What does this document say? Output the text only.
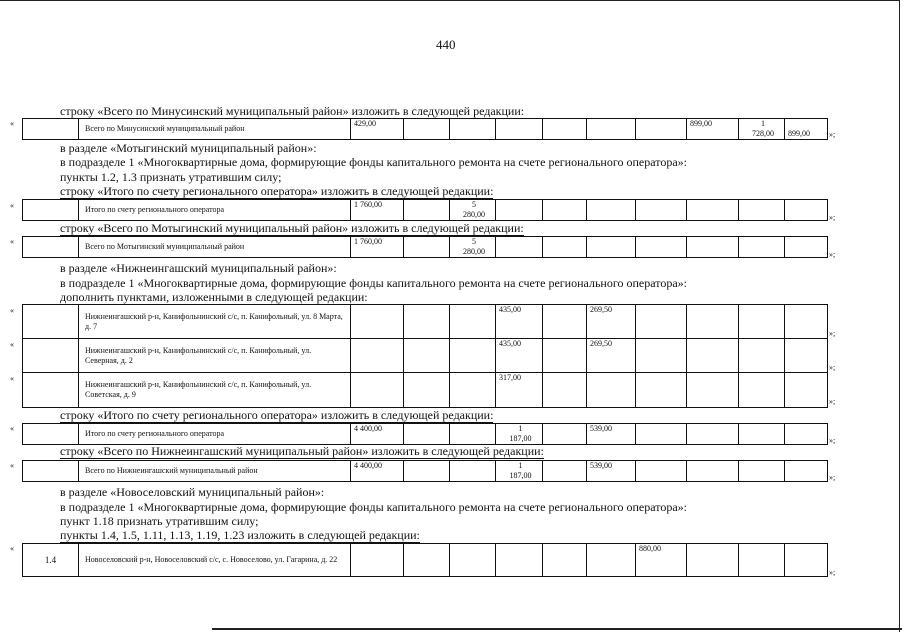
440
строку «Всего по Минусинский муниципальный район» изложить в следующей редакции:
«
	Всего по Минусинский муниципальный район	429,00							899,00	1
728,00	899,00 »;
в разделе «Мотыгинский муниципальный район»:
в подразделе 1 «Многоквартирные дома, формирующие фонды капитального ремонта на счете регионального оператора»:
пункты 1.2, 1.3 признать утратившим силу;
строку «Итого по счету регионального оператора» изложить в следующей редакции:
«
		Итого по счету регионального оператора	1 760,00		5
280,00									»;
строку «Всего по Мотыгинский муниципальный район» изложить в следующей редакции:
«
	Всего по Мотыгинский муниципальный район	1 760,00		5
280,00									»;
в разделе «Нижнеингашский муниципальный район»:
в подразделе 1 «Многоквартирные дома, формирующие фонды капитального ремонта на счете регионального оператора»:
дополнить пунктами, изложенными в следующей редакции:
«
«
«
	Нижнеингашский р-н, Канифольнинский с/с, п. Канифольный, ул. 8 Марта, д. 7				435,00		269,50				
	Нижнеингашский р-н, Канифольнинский с/с, п. Канифольный, ул. Северная, д. 2				435,00		269,50				
	Нижнеингашский р-н, Канифольнинский с/с, п. Канифольный, ул. Советская, д. 9				317,00						
»;
»;
»;
строку «Итого по счету регионального оператора» изложить в следующей редакции:
«
	Итого по счету регионального оператора	4 400,00			1
187,00		539,00				
»;
строку «Всего по Нижнеингашский муниципальный район» изложить в следующей редакции:
«
	Всего по Нижнеингашский муниципальный район	4 400,00			1
187,00		539,00				
»;
в разделе «Новоселовский муниципальный район»:
в подразделе 1 «Многоквартирные дома, формирующие фонды капитального ремонта на счете регионального оператора»:
пункт 1.18 признать утратившим силу;
пункты 1.4, 1.5, 1.11, 1.13, 1.19, 1.23 изложить в следующей редакции:
«
1.4	Новоселовский р-н, Новоселовский с/с, с. Новоселово, ул. Гагарина, д. 22							880,00			
»;
